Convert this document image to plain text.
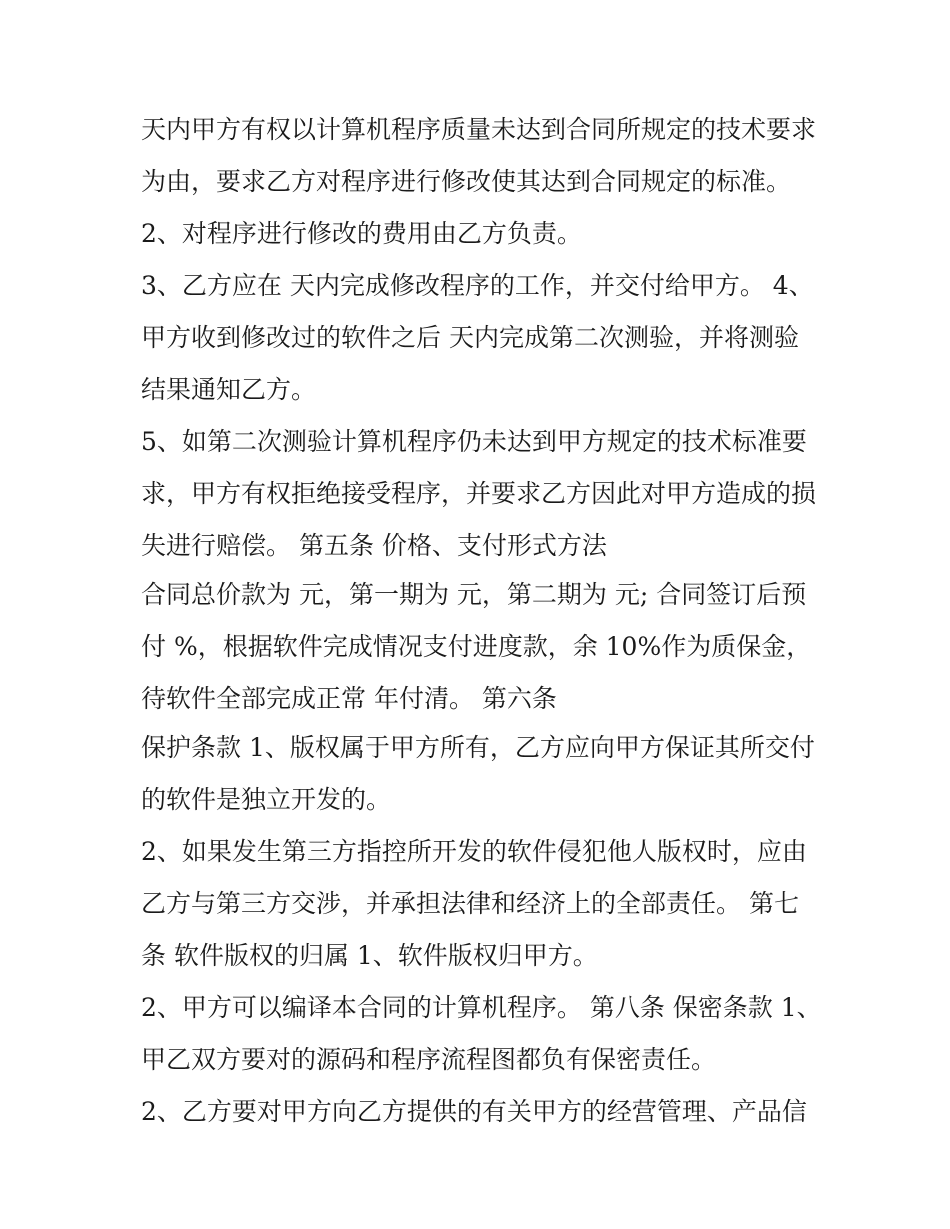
天内甲方有权以计算机程序质量未达到合同所规定的技术要求
为由，要求乙方对程序进行修改使其达到合同规定的标准。
2、对程序进行修改的费用由乙方负责。
3、乙方应在 天内完成修改程序的工作，并交付给甲方。 4、
甲方收到修改过的软件之后 天内完成第二次测验，并将测验
结果通知乙方。
5、如第二次测验计算机程序仍未达到甲方规定的技术标准要
求，甲方有权拒绝接受程序，并要求乙方因此对甲方造成的损
失进行赔偿。 第五条 价格、支付形式方法
合同总价款为 元，第一期为 元，第二期为 元; 合同签订后预
付 %，根据软件完成情况支付进度款，余 10%作为质保金，
待软件全部完成正常 年付清。 第六条
保护条款 1、版权属于甲方所有，乙方应向甲方保证其所交付
的软件是独立开发的。
2、如果发生第三方指控所开发的软件侵犯他人版权时，应由
乙方与第三方交涉，并承担法律和经济上的全部责任。 第七
条 软件版权的归属 1、软件版权归甲方。
2、甲方可以编译本合同的计算机程序。 第八条 保密条款 1、
甲乙双方要对的源码和程序流程图都负有保密责任。
2、乙方要对甲方向乙方提供的有关甲方的经营管理、产品信
